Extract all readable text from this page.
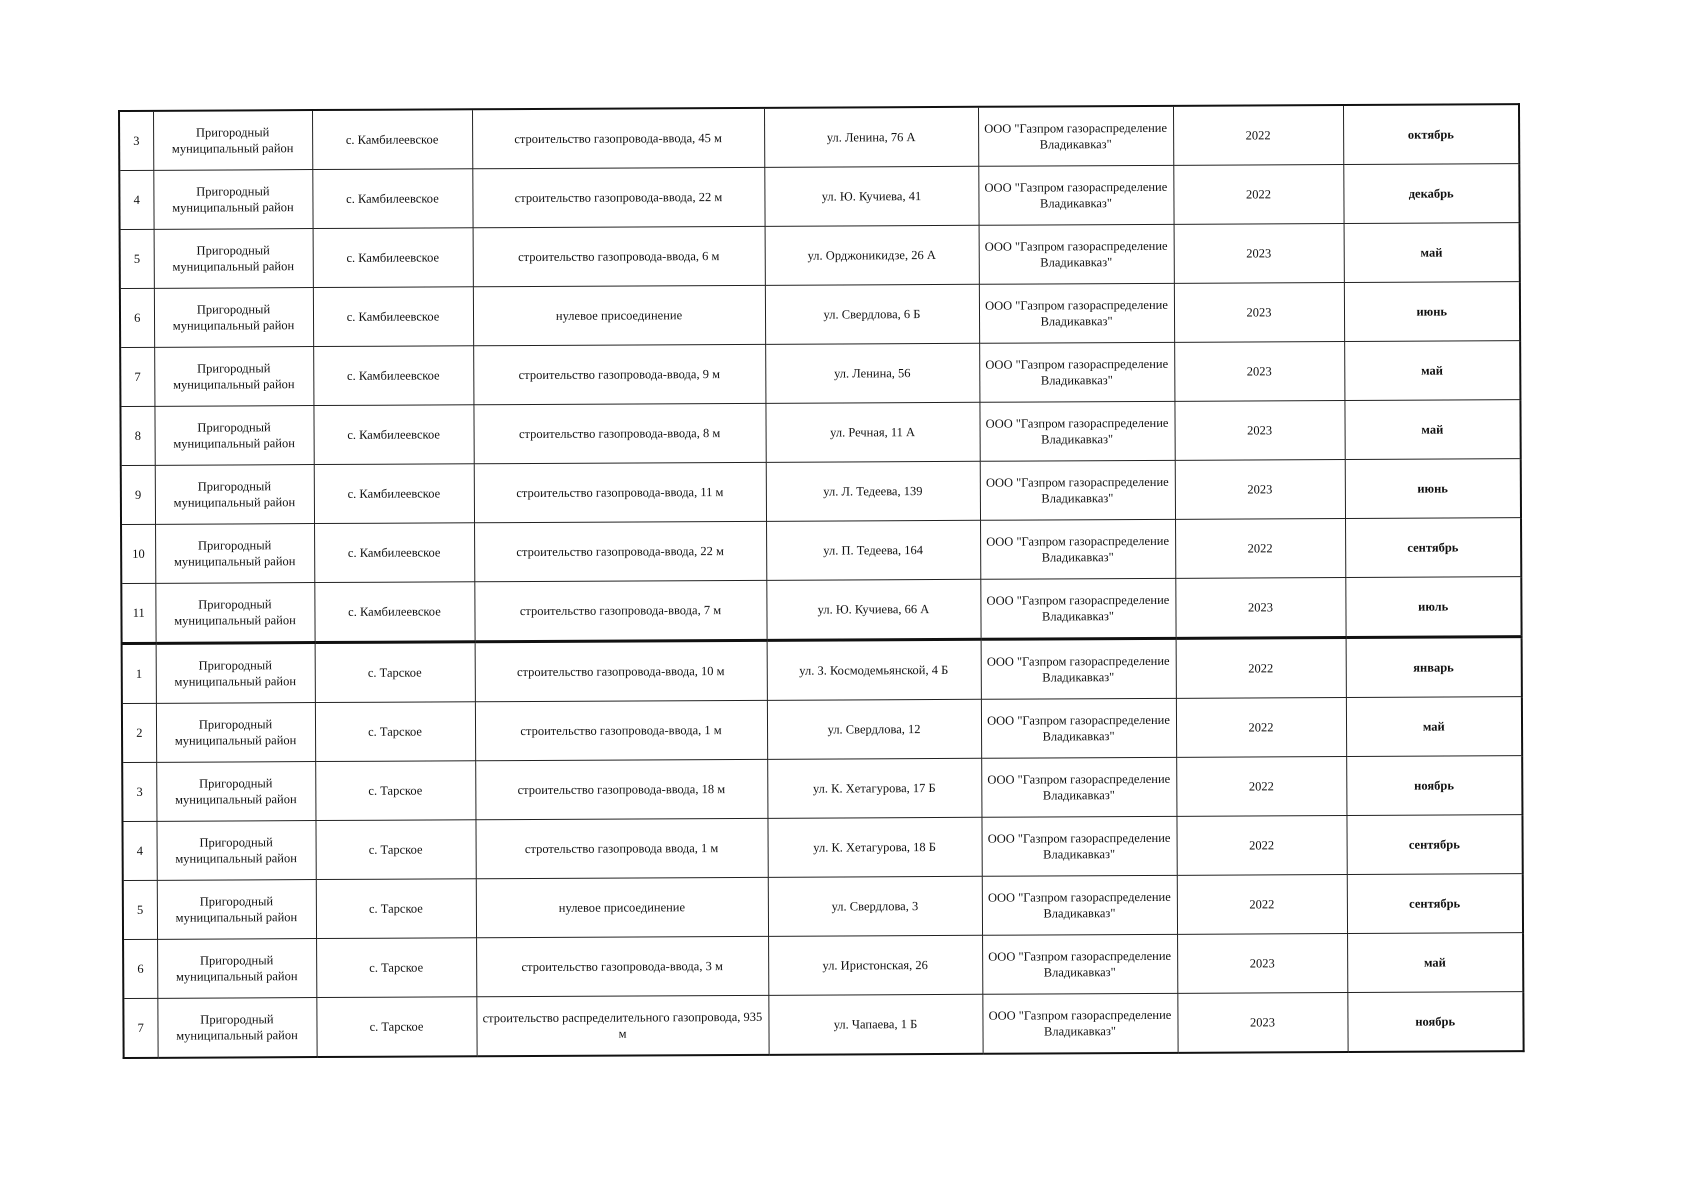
3	Пригородный муниципальный район	с. Камбилеевское	строительство газопровода-ввода, 45 м	ул. Ленина, 76 А	ООО "Газпром газораспределение Владикавказ"	2022	октябрь
4	Пригородный муниципальный район	с. Камбилеевское	строительство газопровода-ввода, 22 м	ул. Ю. Кучиева, 41	ООО "Газпром газораспределение Владикавказ"	2022	декабрь
5	Пригородный муниципальный район	с. Камбилеевское	строительство газопровода-ввода, 6 м	ул. Орджоникидзе, 26 А	ООО "Газпром газораспределение Владикавказ"	2023	май
6	Пригородный муниципальный район	с. Камбилеевское	нулевое присоединение	ул. Свердлова, 6 Б	ООО "Газпром газораспределение Владикавказ"	2023	июнь
7	Пригородный муниципальный район	с. Камбилеевское	строительство газопровода-ввода, 9 м	ул. Ленина, 56	ООО "Газпром газораспределение Владикавказ"	2023	май
8	Пригородный муниципальный район	с. Камбилеевское	строительство газопровода-ввода, 8 м	ул. Речная, 11 А	ООО "Газпром газораспределение Владикавказ"	2023	май
9	Пригородный муниципальный район	с. Камбилеевское	строительство газопровода-ввода, 11 м	ул. Л. Тедеева, 139	ООО "Газпром газораспределение Владикавказ"	2023	июнь
10	Пригородный муниципальный район	с. Камбилеевское	строительство газопровода-ввода, 22 м	ул. П. Тедеева, 164	ООО "Газпром газораспределение Владикавказ"	2022	сентябрь
11	Пригородный муниципальный район	с. Камбилеевское	строительство газопровода-ввода, 7 м	ул. Ю. Кучиева, 66 А	ООО "Газпром газораспределение Владикавказ"	2023	июль
1	Пригородный муниципальный район	с. Тарское	строительство газопровода-ввода, 10 м	ул. З. Космодемьянской, 4 Б	ООО "Газпром газораспределение Владикавказ"	2022	январь
2	Пригородный муниципальный район	с. Тарское	строительство газопровода-ввода, 1 м	ул. Свердлова, 12	ООО "Газпром газораспределение Владикавказ"	2022	май
3	Пригородный муниципальный район	с. Тарское	строительство газопровода-ввода, 18 м	ул. К. Хетагурова, 17 Б	ООО "Газпром газораспределение Владикавказ"	2022	ноябрь
4	Пригородный муниципальный район	с. Тарское	стротельство газопровода ввода, 1 м	ул. К. Хетагурова, 18 Б	ООО "Газпром газораспределение Владикавказ"	2022	сентябрь
5	Пригородный муниципальный район	с. Тарское	нулевое присоединение	ул. Свердлова, 3	ООО "Газпром газораспределение Владикавказ"	2022	сентябрь
6	Пригородный муниципальный район	с. Тарское	строительство газопровода-ввода, 3 м	ул. Иристонская, 26	ООО "Газпром газораспределение Владикавказ"	2023	май
7	Пригородный муниципальный район	с. Тарское	строительство распределительного газопровода, 935 м	ул. Чапаева, 1 Б	ООО "Газпром газораспределение Владикавказ"	2023	ноябрь
